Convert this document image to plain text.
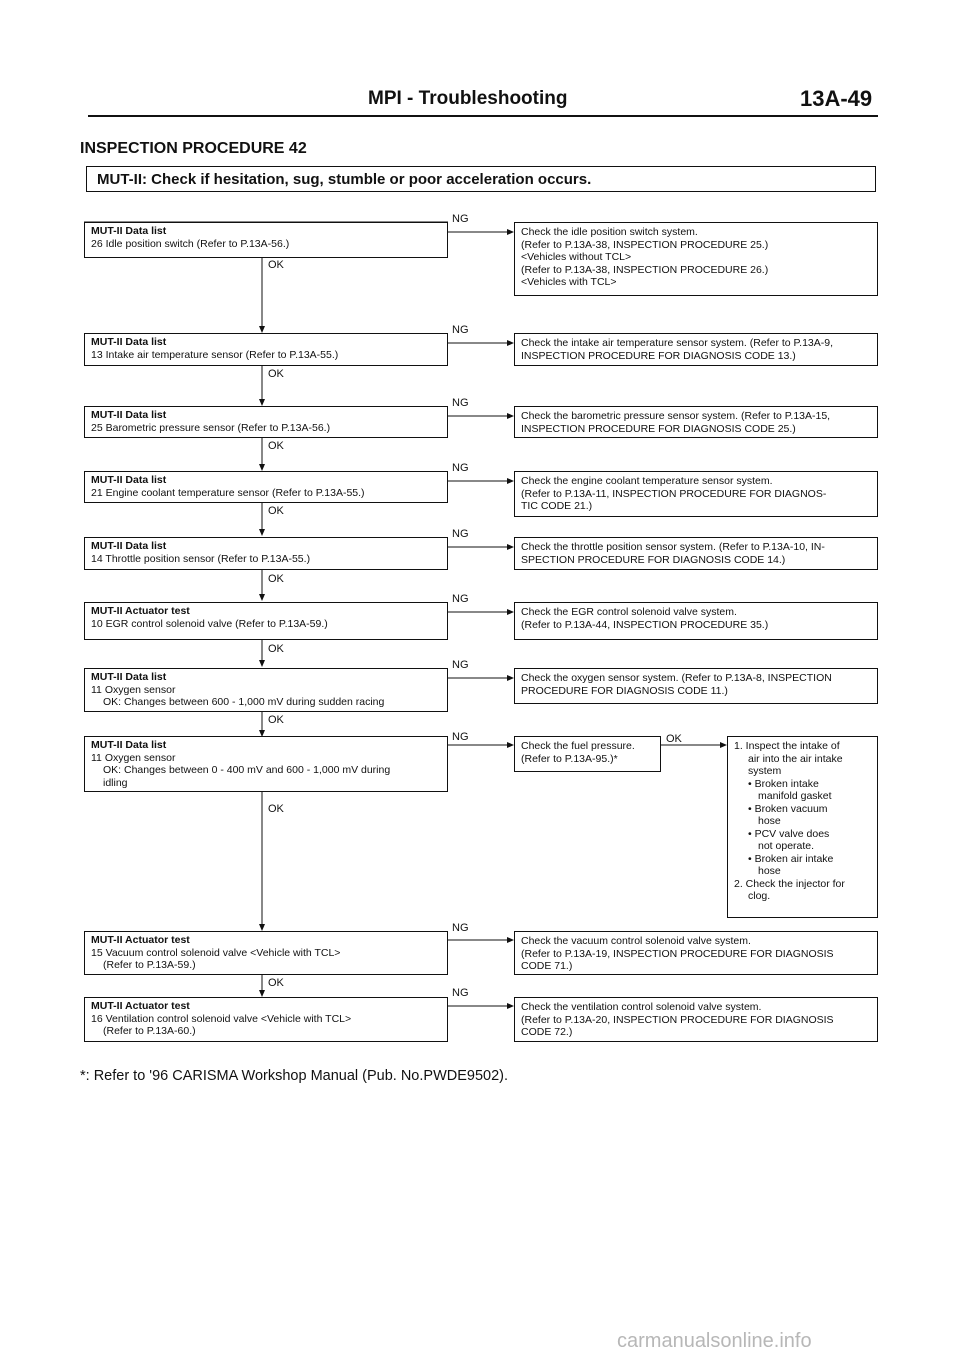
MPI - Troubleshooting	13A-49
INSPECTION PROCEDURE 42
MUT-II: Check if hesitation, sug, stumble or poor acceleration occurs.
NG
NG
NG
NG
NG
NG
NG
NG
NG
NG
OK
OK
OK
OK
OK
OK
OK
OK
OK
OK
MUT-II Data list
26 Idle position switch (Refer to P.13A-56.)
Check the idle position switch system.
(Refer to P.13A-38, INSPECTION PROCEDURE 25.)
<Vehicles without TCL>
(Refer to P.13A-38, INSPECTION PROCEDURE 26.)
<Vehicles with TCL>
MUT-II Data list
13 Intake air temperature sensor (Refer to P.13A-55.)
Check the intake air temperature sensor system. (Refer to P.13A-9,
INSPECTION PROCEDURE FOR DIAGNOSIS CODE 13.)
MUT-II Data list
25 Barometric pressure sensor (Refer to P.13A-56.)
Check the barometric pressure sensor system. (Refer to P.13A-15,
INSPECTION PROCEDURE FOR DIAGNOSIS CODE 25.)
MUT-II Data list
21 Engine coolant temperature sensor (Refer to P.13A-55.)
Check the engine coolant temperature sensor system.
(Refer to P.13A-11, INSPECTION PROCEDURE FOR DIAGNOS-
TIC CODE 21.)
MUT-II Data list
14 Throttle position sensor (Refer to P.13A-55.)
Check the throttle position sensor system. (Refer to P.13A-10, IN-
SPECTION PROCEDURE FOR DIAGNOSIS CODE 14.)
MUT-II Actuator test
10 EGR control solenoid valve (Refer to P.13A-59.)
Check the EGR control solenoid valve system.
(Refer to P.13A-44, INSPECTION PROCEDURE 35.)
MUT-II Data list
11 Oxygen sensor
OK: Changes between 600 - 1,000 mV during sudden racing
Check the oxygen sensor system. (Refer to P.13A-8, INSPECTION
PROCEDURE FOR DIAGNOSIS CODE 11.)
MUT-II Data list
11 Oxygen sensor
OK: Changes between 0 - 400 mV and 600 - 1,000 mV during
idling
Check the fuel pressure.
(Refer to P.13A-95.)*
1. Inspect the intake of
air into the air intake
system
• Broken intake
manifold gasket
• Broken vacuum
hose
• PCV valve does
not operate.
• Broken air intake
hose
2. Check the injector for
clog.
MUT-II Actuator test
15 Vacuum control solenoid valve <Vehicle with TCL>
(Refer to P.13A-59.)
Check the vacuum control solenoid valve system.
(Refer to P.13A-19, INSPECTION PROCEDURE FOR DIAGNOSIS
CODE 71.)
MUT-II Actuator test
16 Ventilation control solenoid valve <Vehicle with TCL>
(Refer to P.13A-60.)
Check the ventilation control solenoid valve system.
(Refer to P.13A-20, INSPECTION PROCEDURE FOR DIAGNOSIS
CODE 72.)
*: Refer to '96 CARISMA Workshop Manual (Pub. No.PWDE9502).
carmanualsonline.info
